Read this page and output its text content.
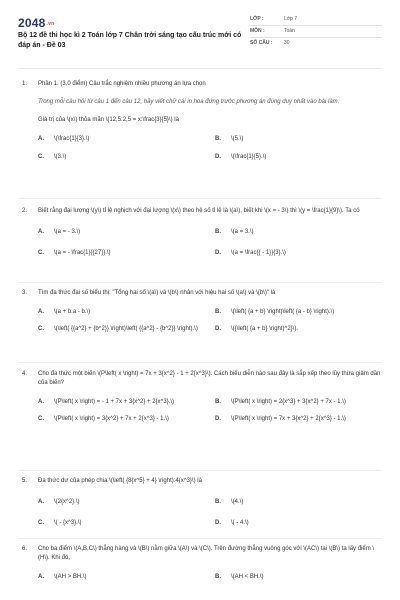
2048.vn
Bộ 12 đề thi học kì 2 Toán lớp 7 Chân trời sáng tạo cấu trúc mới có đáp án - Đề 03
LỚP :	Lớp 7
MÔN :	Toán
SỐ CÂU :	30
1.	Phần 1. (3,0 điểm) Câu trắc nghiệm nhiều phương án lựa chọn
Trong mỗi câu hỏi từ câu 1 đến câu 12, hãy viết chữ cái in hoa đứng trước phương án đúng duy nhất vào bài làm.
Giá trị của \(x\) thỏa mãn \(12,5:2,5 = x:\frac{3}{5}\) là
A.	\(\frac{1}{3}.\)	B.	\(5.\)
C.	\(3.\)	D.	\(\frac{1}{5}.\)
2.	Biết rằng đại lượng \(y\) tỉ lệ nghịch với đại lượng \(x\) theo hệ số tỉ lệ là \(a\), biết khi \(x = - 3\) thì \(y = \frac{1}{9}\). Ta có
A.	\(a = - 3.\)	B.	\(a = 3.\)
C.	\(a = - \frac{1}{{27}}.\)	D.	\(a = \frac{{ - 1}}{3}.\)
3.	Tìm đa thức đại số biểu thị: "Tổng hai số \(a\) và \(b\) nhân với hiệu hai số \(a\) và \(b\)" là
A.	\(a + b.a - b.\)	B.	\(\left( {a + b} \right)\left( {a - b} \right).\)
C.	\(\left( {{a^2} + {b^2}} \right)\left( {{a^2} - {b^2}} \right).\)	D.	\({\left( {a + b} \right)^2}\).
4.	Cho đa thức một biến \(P\left( x \right) = 7x + 3{x^2} - 1 + 2{x^3}\). Cách biểu diễn nào sau đây là sắp xếp theo lũy thừa giảm dần của biến?
A.	\(P\left( x \right) = - 1 + 7x + 3{x^2} + 2{x^3}.\)	B.	\(P\left( x \right) = 2{x^3} + 3{x^2} + 7x - 1.\)
C.	\(P\left( x \right) = 3{x^2} + 7x + 2{x^3} - 1.\)	D.	\(P\left( x \right) = 7x + 3{x^2} + 2{x^3} - 1.\)
5.	Đa thức dư của phép chia \(\left( {8{x^5} + 4} \right):4{x^3}\) là
A.	\(2{x^2}.\)	B.	\(4.\)
C.	\( - {x^3}.\)	D.	\( - 4.\)
6.	Cho ba điểm \(A,B,C\) thẳng hàng và \(B\) nằm giữa \(A\) và \(C\). Trên đường thẳng vuông góc với \(AC\) tại \(B\) ta lấy điểm \(H\). Khi đó,
A.	\(AH > BH.\)	B.	\(AH < BH.\)
